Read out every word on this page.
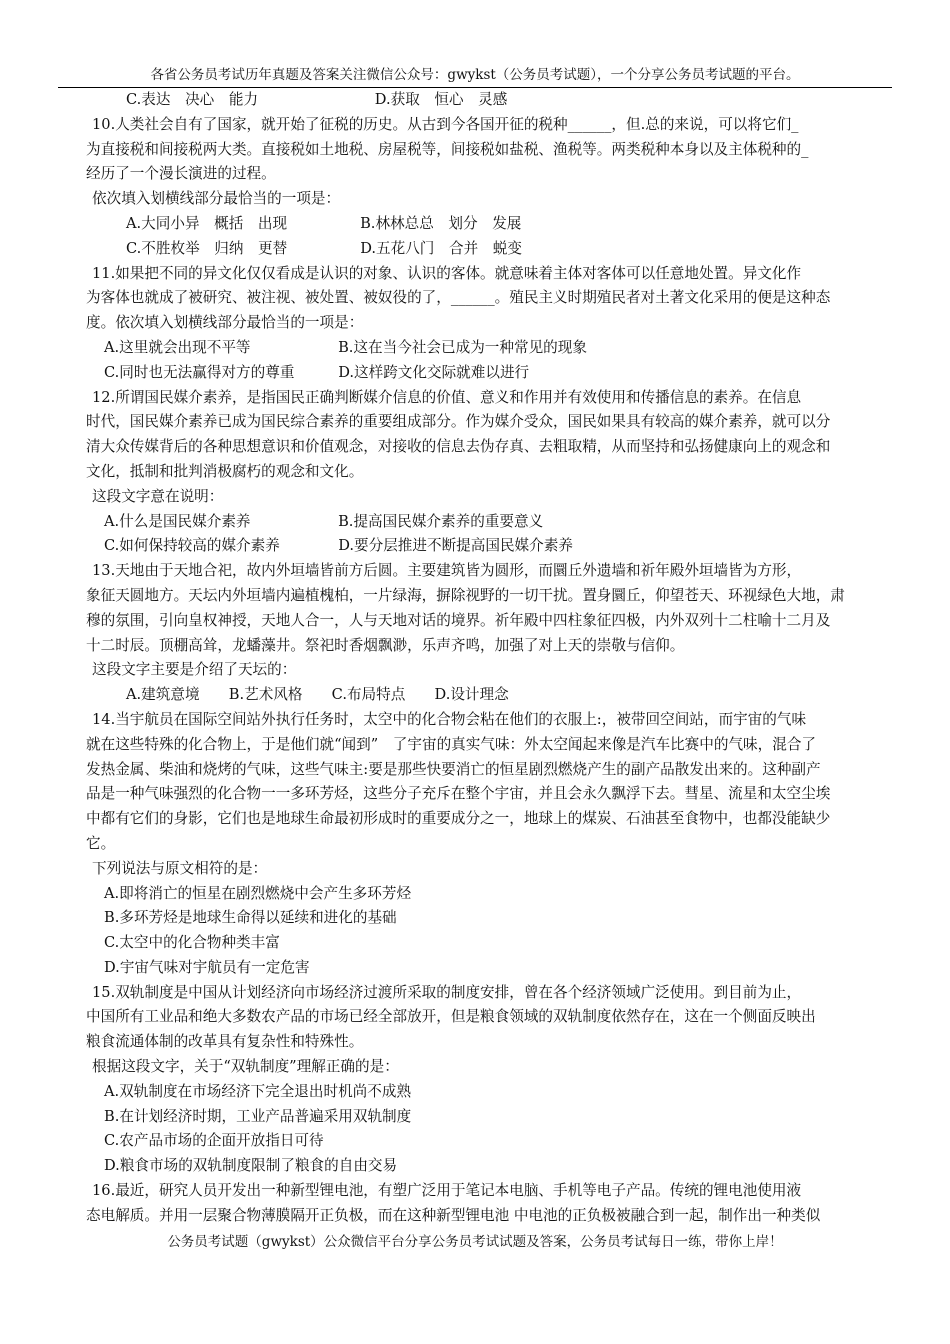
各省公务员考试历年真题及答案关注微信公众号：gwykst（公务员考试题），一个分享公务员考试题的平台。
C.表达　决心　能力　　　　　　　　D.获取　恒心　灵感
10.人类社会自有了国家，就开始了征税的历史。从古到今各国开征的税种______，但.总的来说，可以将它们_
为直接税和间接税两大类。直接税如土地税、房屋税等，间接税如盐税、渔税等。两类税种本身以及主体税种的_
经历了一个漫长演进的过程。
依次填入划横线部分最恰当的一项是：
A.大同小异　概括　出现　　　　　B.林林总总　划分　发展
C.不胜枚举　归纳　更替　　　　　D.五花八门　合并　蜕变
11.如果把不同的异文化仅仅看成是认识的对象、认识的客体。就意味着主体对客体可以任意地处置。异文化作
为客体也就成了被研究、被注视、被处置、被奴役的了，______。殖民主义时期殖民者对土著文化采用的便是这种态
度。依次填入划横线部分最恰当的一项是：
A.这里就会出现不平等　　　　　　B.这在当今社会已成为一种常见的现象
C.同时也无法赢得对方的尊重　　　D.这样跨文化交际就难以进行
12.所谓国民媒介素养，是指国民正确判断媒介信息的价值、意义和作用并有效使用和传播信息的素养。在信息
时代，国民媒介素养已成为国民综合素养的重要组成部分。作为媒介受众，国民如果具有较高的媒介素养，就可以分
清大众传媒背后的各种思想意识和价值观念，对接收的信息去伪存真、去粗取精，从而坚持和弘扬健康向上的观念和
文化，抵制和批判消极腐朽的观念和文化。
这段文字意在说明：
A.什么是国民媒介素养　　　　　　B.提高国民媒介素养的重要意义
C.如何保持较高的媒介素养　　　　D.要分层推进不断提高国民媒介素养
13.天地由于天地合祀，故内外垣墙皆前方后圆。主要建筑皆为圆形，而圜丘外遗墙和祈年殿外垣墙皆为方形，
象征天圆地方。天坛内外垣墙内遍植槐柏，一片绿海，摒除视野的一切干扰。置身圜丘，仰望苍天、环视绿色大地，肃
穆的氛围，引向皇权神授，天地人合一，人与天地对话的境界。祈年殿中四柱象征四极，内外双列十二柱喻十二月及
十二时辰。顶棚高耸，龙蟠藻井。祭祀时香烟飘渺，乐声齐鸣，加强了对上天的崇敬与信仰。
这段文字主要是介绍了天坛的：
A.建筑意境　　B.艺术风格　　C.布局特点　　D.设计理念
14.当宇航员在国际空间站外执行任务时，太空中的化合物会粘在他们的衣服上:，被带回空间站，而宇宙的气味
就在这些特殊的化合物上，于是他们就“闻到”　了宇宙的真实气味：外太空闻起来像是汽车比赛中的气味，混合了
发热金属、柴油和烧烤的气味，这些气味主:要是那些快要消亡的恒星剧烈燃烧产生的副产品散发出来的。这种副产
品是一种气味强烈的化合物一一多环芳烃，这些分子充斥在整个宇宙，并且会永久飘浮下去。彗星、流星和太空尘埃
中都有它们的身影，它们也是地球生命最初形成时的重要成分之一，地球上的煤炭、石油甚至食物中，也都没能缺少
它。
下列说法与原文相符的是：
A.即将消亡的恒星在剧烈燃烧中会产生多环芳烃
B.多环芳烃是地球生命得以延续和进化的基础
C.太空中的化合物种类丰富
D.宇宙气味对宇航员有一定危害
15.双轨制度是中国从计划经济向市场经济过渡所采取的制度安排，曾在各个经济领域广泛使用。到目前为止，
中国所有工业品和绝大多数农产品的市场已经全部放开，但是粮食领域的双轨制度依然存在，这在一个侧面反映出
粮食流通体制的改革具有复杂性和特殊性。
根据这段文字，关于“双轨制度”理解正确的是：
A.双轨制度在市场经济下完全退出时机尚不成熟
B.在计划经济时期，工业产品普遍采用双轨制度
C.农产品市场的企面开放指日可待
D.粮食市场的双轨制度限制了粮食的自由交易
16.最近，研究人员开发出一种新型锂电池，有塑广泛用于笔记本电脑、手机等电子产品。传统的锂电池使用液
态电解质。并用一层聚合物薄膜隔开正负极，而在这种新型锂电池 中电池的正负极被融合到一起，制作出一种类似
公务员考试题（gwykst）公众微信平台分享公务员考试试题及答案，公务员考试每日一练，带你上岸！
